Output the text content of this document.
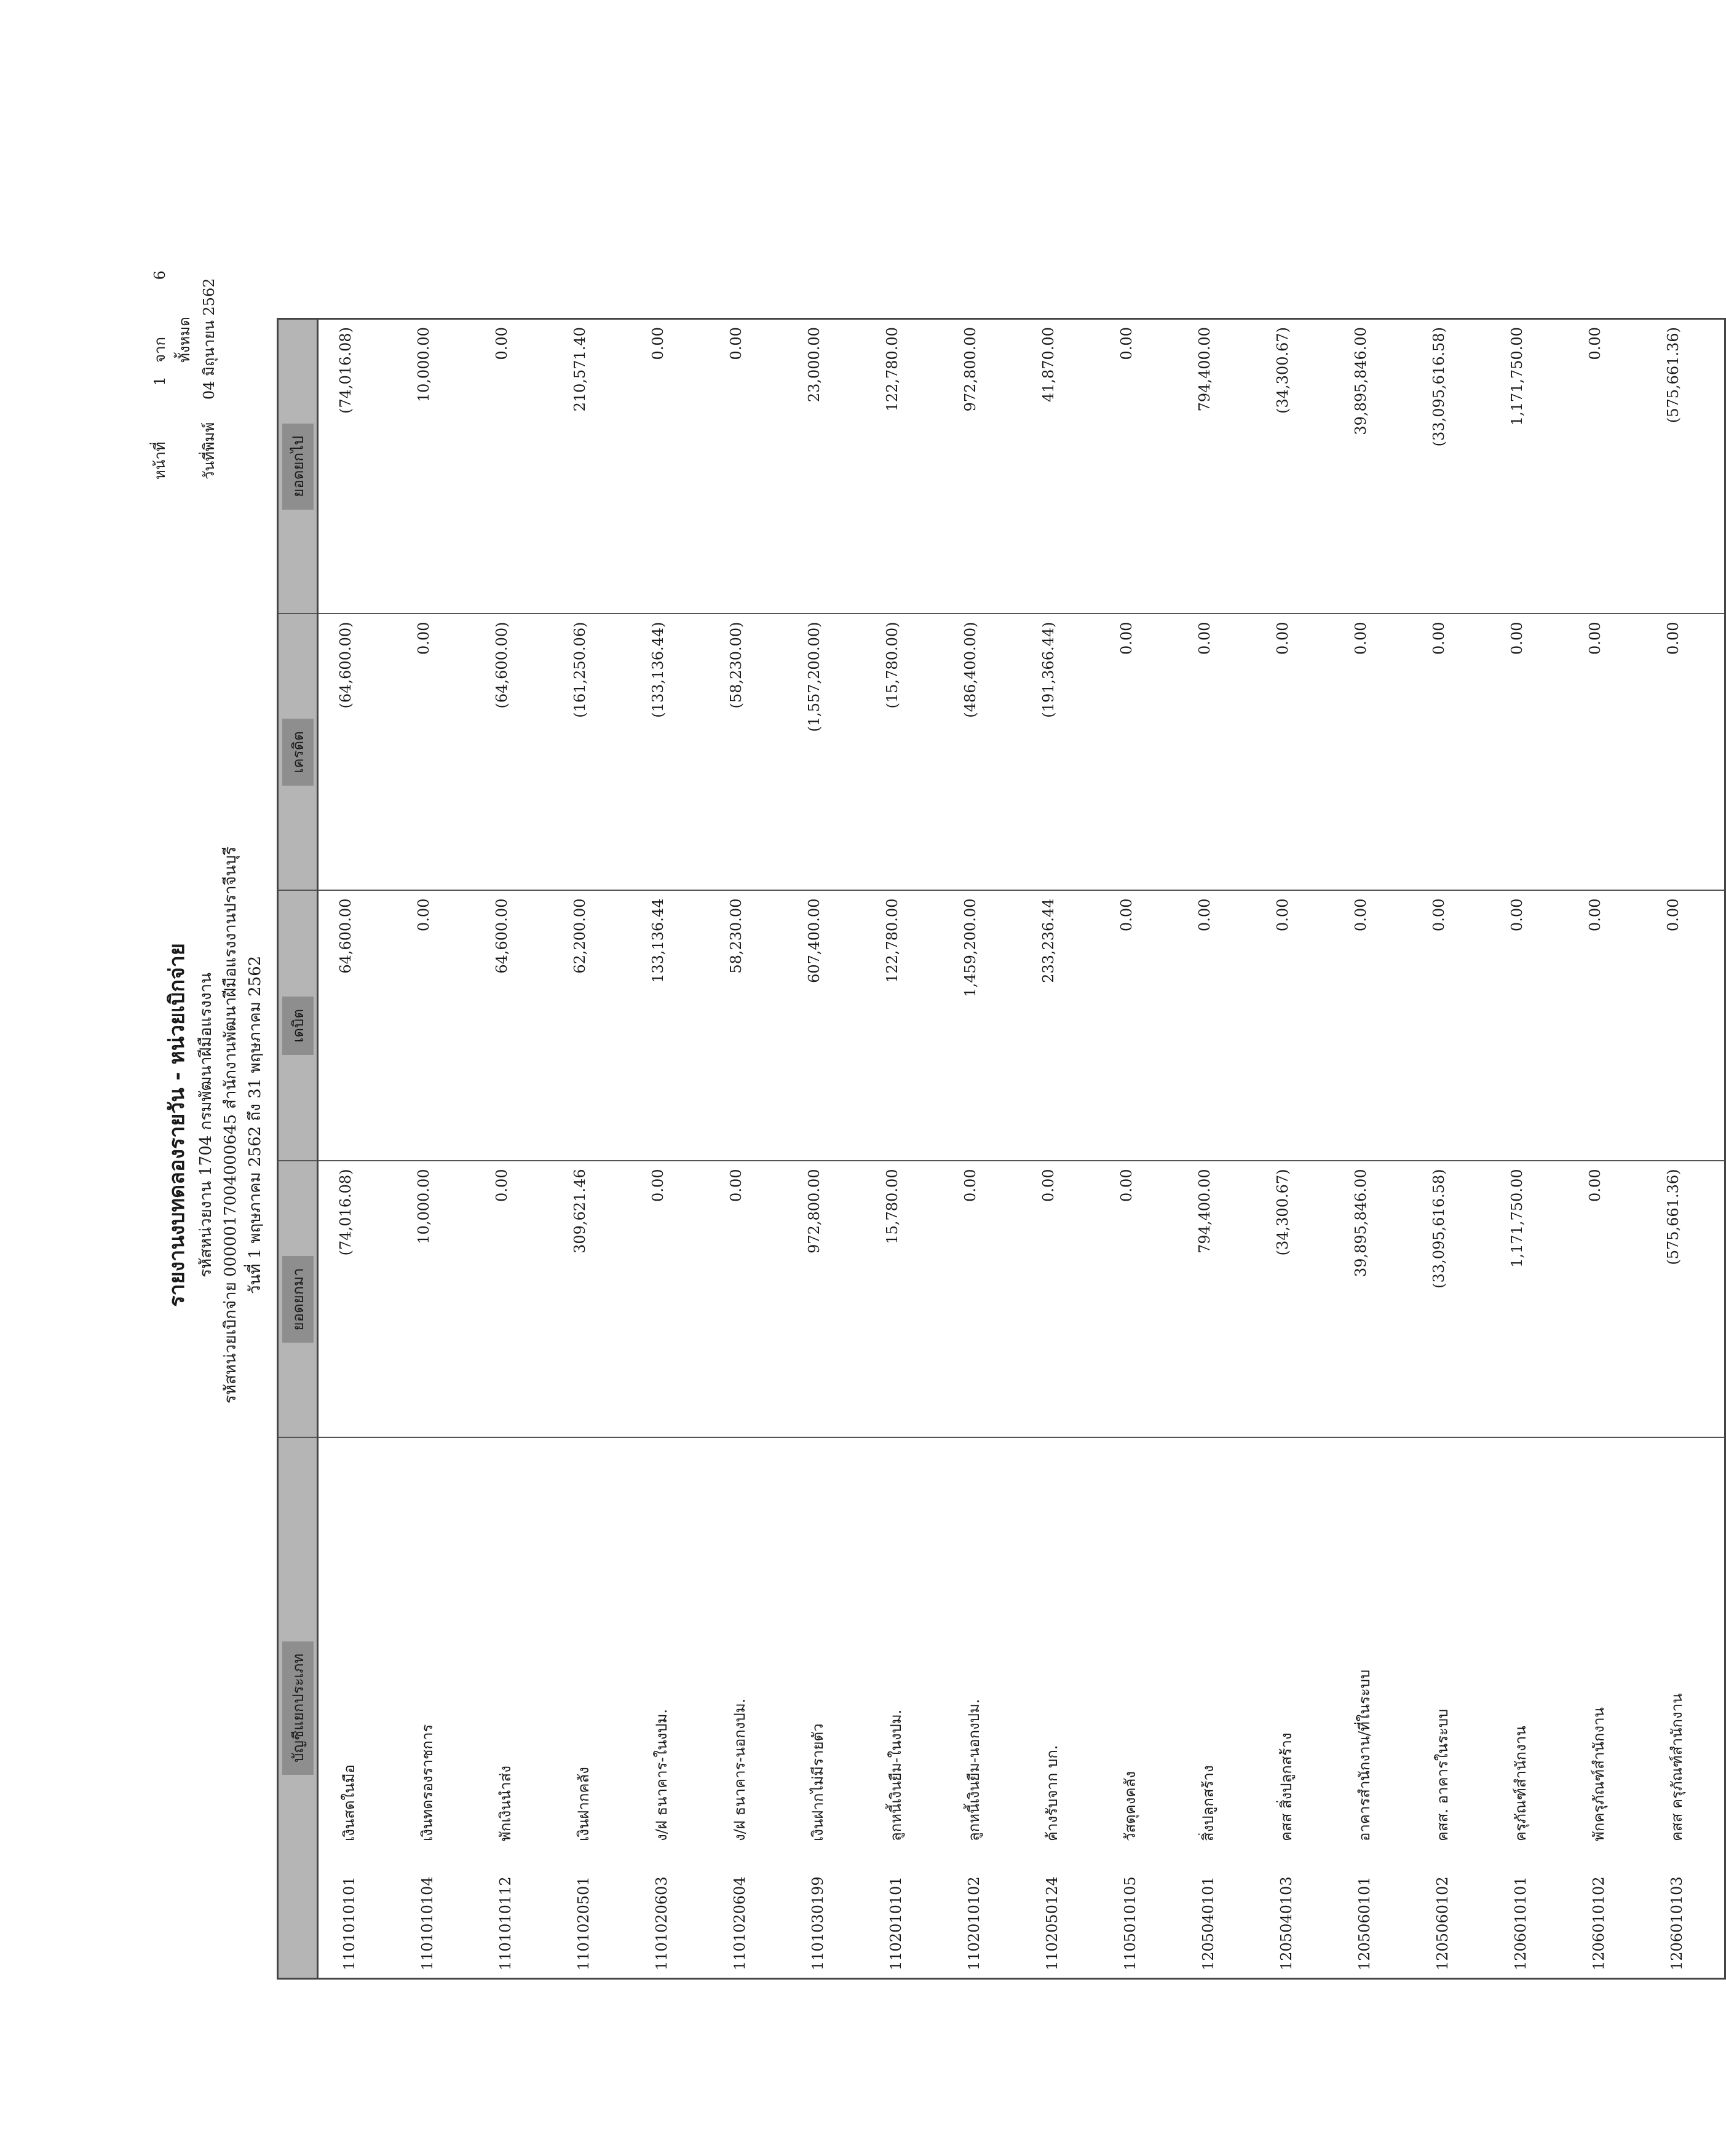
รายงานงบทดลองรายวัน - หน่วยเบิกจ่าย รหัสหน่วยงาน 1704 กรมพัฒนาฝีมือแรงงาน รหัสหน่วยเบิกจ่าย 0000017004000645 สำนักงานพัฒนาฝีมือแรงงานปราจีนบุรี วันที่ 1 พฤษภาคม 2562 ถึง 31 พฤษภาคม 2562
หน้าที่
1
จากทั้งหมด
6
วันที่พิมพ์
04 มิถุนายน 2562
บัญชีแยกประเภท	ยอดยกมา	เดบิต	เครดิต	ยอดยกไป
1101010101เงินสดในมือ	(74,016.08)	64,600.00	(64,600.00)	(74,016.08)
1101010104เงินทดรองราชการ	10,000.00	0.00	0.00	10,000.00
1101010112พักเงินนำส่ง	0.00	64,600.00	(64,600.00)	0.00
1101020501เงินฝากคลัง	309,621.46	62,200.00	(161,250.06)	210,571.40
1101020603ง/ฝ ธนาคาร-ในงปม.	0.00	133,136.44	(133,136.44)	0.00
1101020604ง/ฝ ธนาคาร-นอกงปม.	0.00	58,230.00	(58,230.00)	0.00
1101030199เงินฝากไม่มีรายตัว	972,800.00	607,400.00	(1,557,200.00)	23,000.00
1102010101ลูกหนี้เงินยืม-ในงปม.	15,780.00	122,780.00	(15,780.00)	122,780.00
1102010102ลูกหนี้เงินยืม-นอกงปม.	0.00	1,459,200.00	(486,400.00)	972,800.00
1102050124ค้างรับจาก บก.	0.00	233,236.44	(191,366.44)	41,870.00
1105010105วัสดุคงคลัง	0.00	0.00	0.00	0.00
1205040101สิ่งปลูกสร้าง	794,400.00	0.00	0.00	794,400.00
1205040103คสส สิ่งปลูกสร้าง	(34,300.67)	0.00	0.00	(34,300.67)
1205060101อาคารสำนักงาน/ที่ในระบบ	39,895,846.00	0.00	0.00	39,895,846.00
1205060102คสส. อาคารในระบบ	(33,095,616.58)	0.00	0.00	(33,095,616.58)
1206010101ครุภัณฑ์สำนักงาน	1,171,750.00	0.00	0.00	1,171,750.00
1206010102พักครุภัณฑ์สำนักงาน	0.00	0.00	0.00	0.00
1206010103คสส ครุภัณฑ์สำนักงาน	(575,661.36)	0.00	0.00	(575,661.36)
